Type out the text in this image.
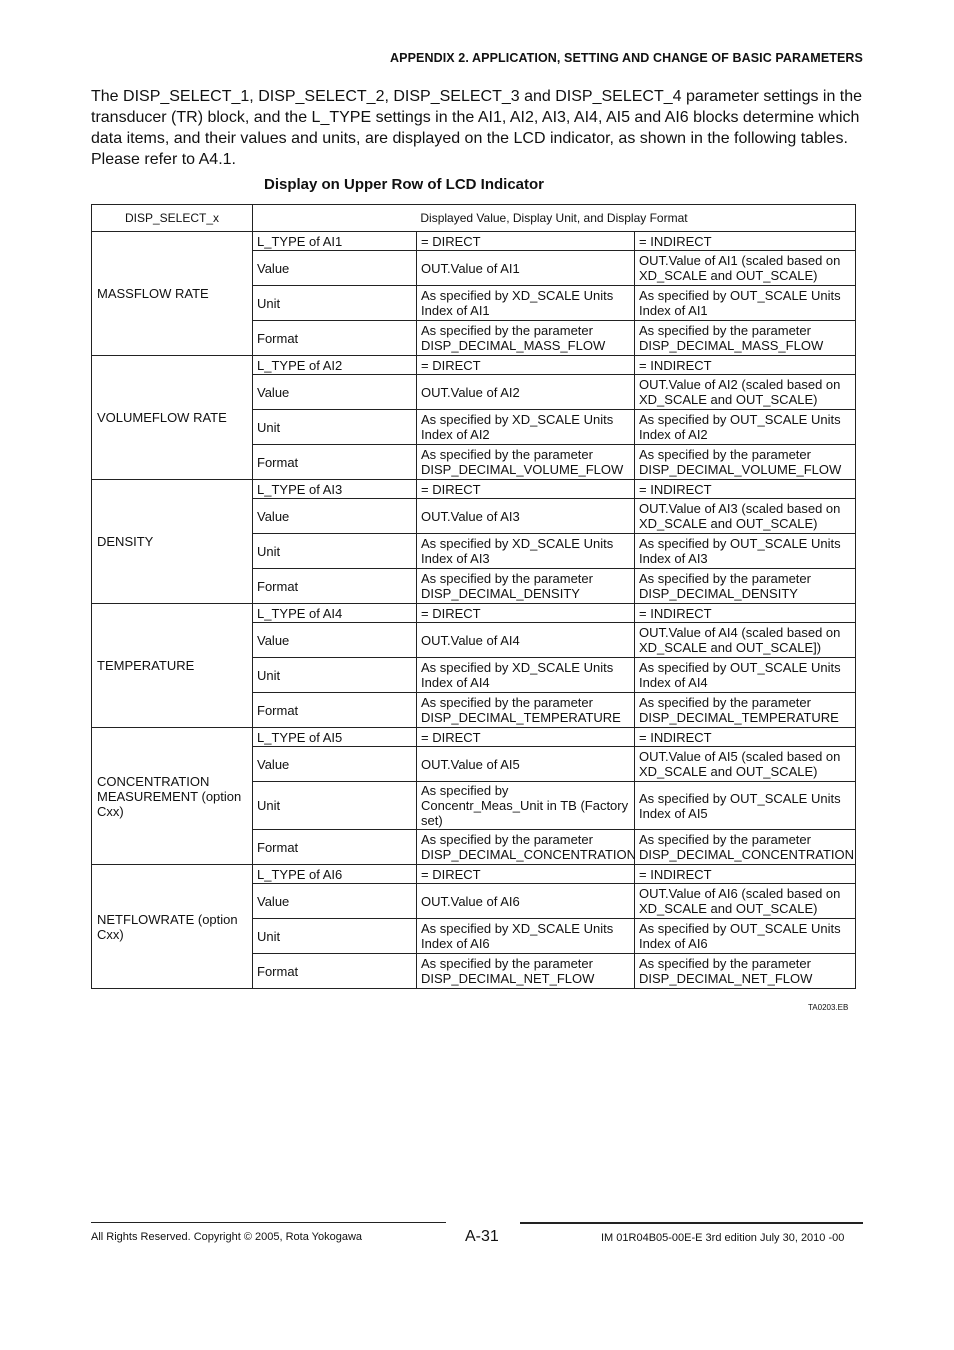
APPENDIX 2. APPLICATION, SETTING AND CHANGE OF BASIC PARAMETERS
The DISP_SELECT_1, DISP_SELECT_2, DISP_SELECT_3 and DISP_SELECT_4 parameter settings in the transducer (TR) block, and the L_TYPE settings in the AI1, AI2, AI3, AI4, AI5 and AI6 blocks determine which data items, and their values and units, are displayed on the LCD indicator, as shown in the following tables. Please refer to A4.1.
Display on Upper Row of LCD Indicator
DISP_SELECT_x	Displayed Value, Display Unit, and Display Format		
MASSFLOW RATE	L_TYPE of AI1	= DIRECT	= INDIRECT
	Value	OUT.Value of AI1	OUT.Value of AI1 (scaled based on XD_SCALE and OUT_SCALE)
	Unit	As specified by XD_SCALE Units Index of AI1	As specified by OUT_SCALE Units Index of AI1
	Format	As specified by the parameter DISP_DECIMAL_MASS_FLOW	As specified by the parameter DISP_DECIMAL_MASS_FLOW
VOLUMEFLOW RATE	L_TYPE of AI2	= DIRECT	= INDIRECT
	Value	OUT.Value of AI2	OUT.Value of AI2 (scaled based on XD_SCALE and OUT_SCALE)
	Unit	As specified by XD_SCALE Units Index of AI2	As specified by OUT_SCALE Units Index of AI2
	Format	As specified by the parameter DISP_DECIMAL_VOLUME_FLOW	As specified by the parameter DISP_DECIMAL_VOLUME_FLOW
DENSITY	L_TYPE of AI3	= DIRECT	= INDIRECT
	Value	OUT.Value of AI3	OUT.Value of AI3 (scaled based on XD_SCALE and OUT_SCALE)
	Unit	As specified by XD_SCALE Units Index of AI3	As specified by OUT_SCALE Units Index of AI3
	Format	As specified by the parameter DISP_DECIMAL_DENSITY	As specified by the parameter DISP_DECIMAL_DENSITY
TEMPERATURE	L_TYPE of AI4	= DIRECT	= INDIRECT
	Value	OUT.Value of AI4	OUT.Value of AI4 (scaled based on XD_SCALE and OUT_SCALE])
	Unit	As specified by XD_SCALE Units Index of AI4	As specified by OUT_SCALE Units Index of AI4
	Format	As specified by the parameter DISP_DECIMAL_TEMPERATURE	As specified by the parameter DISP_DECIMAL_TEMPERATURE
CONCENTRATION MEASUREMENT (option Cxx)	L_TYPE of AI5	= DIRECT	= INDIRECT
	Value	OUT.Value of AI5	OUT.Value of AI5 (scaled based on XD_SCALE and OUT_SCALE)
	Unit	As specified by Concentr_Meas_Unit in TB (Factory set)	As specified by OUT_SCALE Units Index of AI5
	Format	As specified by the parameter DISP_DECIMAL_CONCENTRATION	As specified by the parameter DISP_DECIMAL_CONCENTRATION
NETFLOWRATE (option Cxx)	L_TYPE of AI6	= DIRECT	= INDIRECT
	Value	OUT.Value of AI6	OUT.Value of AI6 (scaled based on XD_SCALE and OUT_SCALE)
	Unit	As specified by XD_SCALE Units Index of AI6	As specified by OUT_SCALE Units Index of AI6
	Format	As specified by the parameter DISP_DECIMAL_NET_FLOW	As specified by the parameter DISP_DECIMAL_NET_FLOW
TA0203.EB
All Rights Reserved. Copyright © 2005, Rota Yokogawa	A-31	IM 01R04B05-00E-E 3rd edition July 30, 2010 -00
